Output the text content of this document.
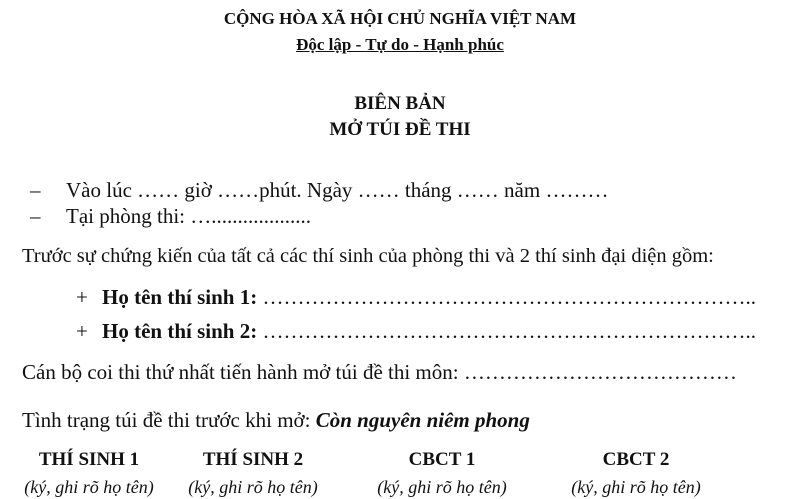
CỘNG HÒA XÃ HỘI CHỦ NGHĨA VIỆT NAM
Độc lập - Tự do - Hạnh phúc
BIÊN BẢN
MỞ TÚI ĐỀ THI
– Vào lúc …… giờ ……phút. Ngày …… tháng …… năm ………
– Tại phòng thi: …...................
Trước sự chứng kiến của tất cả các thí sinh của phòng thi và 2 thí sinh đại diện gồm:
+ Họ tên thí sinh 1: ……………………………………………………………..
+ Họ tên thí sinh 2: ……………………………………………………………..
Cán bộ coi thi thứ nhất tiến hành mở túi đề thi môn: …………………………………
Tình trạng túi đề thi trước khi mở: Còn nguyên niêm phong
THÍ SINH 1
(ký, ghi rõ họ tên)
THÍ SINH 2
(ký, ghi rõ họ tên)
CBCT 1
(ký, ghi rõ họ tên)
CBCT 2
(ký, ghi rõ họ tên)
